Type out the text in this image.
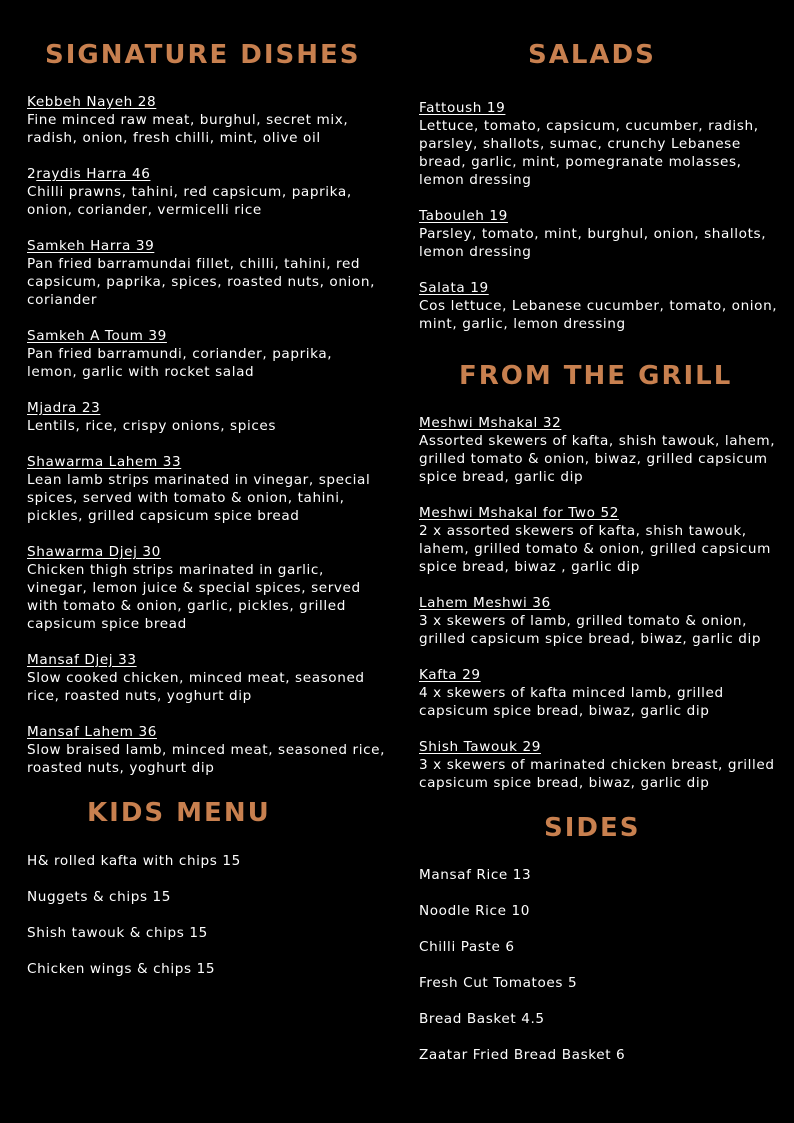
SIGNATURE DISHES
Kebbeh Nayeh 28
Fine minced raw meat, burghul, secret mix, radish, onion, fresh chilli, mint, olive oil
2raydis Harra 46
Chilli prawns, tahini, red capsicum, paprika, onion, coriander, vermicelli rice
Samkeh Harra 39
Pan fried barramundai fillet, chilli, tahini, red capsicum, paprika, spices, roasted nuts, onion, coriander
Samkeh A Toum 39
Pan fried barramundi, coriander, paprika, lemon, garlic with rocket salad
Mjadra 23
Lentils, rice, crispy onions, spices
Shawarma Lahem 33
Lean lamb strips marinated in vinegar, special spices, served with tomato & onion, tahini, pickles, grilled capsicum spice bread
Shawarma Djej 30
Chicken thigh strips marinated in garlic, vinegar, lemon juice & special spices, served with tomato & onion, garlic, pickles, grilled capsicum spice bread
Mansaf Djej 33
Slow cooked chicken, minced meat, seasoned rice, roasted nuts, yoghurt dip
Mansaf Lahem 36
Slow braised lamb, minced meat, seasoned rice, roasted nuts, yoghurt dip
KIDS MENU
H& rolled kafta with chips 15
Nuggets & chips 15
Shish tawouk & chips 15
Chicken wings & chips 15
SALADS
Fattoush 19
Lettuce, tomato, capsicum, cucumber, radish, parsley, shallots, sumac, crunchy Lebanese bread, garlic, mint, pomegranate molasses, lemon dressing
Tabouleh 19
Parsley, tomato, mint, burghul, onion, shallots, lemon dressing
Salata 19
Cos lettuce, Lebanese cucumber, tomato, onion, mint, garlic, lemon dressing
FROM THE GRILL
Meshwi Mshakal 32
Assorted skewers of kafta, shish tawouk, lahem, grilled tomato & onion, biwaz, grilled capsicum spice bread, garlic dip
Meshwi Mshakal for Two 52
2 x assorted skewers of kafta, shish tawouk, lahem, grilled tomato & onion, grilled capsicum spice bread, biwaz , garlic dip
Lahem Meshwi 36
3 x skewers of lamb, grilled tomato & onion, grilled capsicum spice bread, biwaz, garlic dip
Kafta 29
4 x skewers of kafta minced lamb, grilled capsicum spice bread, biwaz, garlic dip
Shish Tawouk 29
3 x skewers of marinated chicken breast, grilled capsicum spice bread, biwaz, garlic dip
SIDES
Mansaf Rice 13
Noodle Rice 10
Chilli Paste 6
Fresh Cut Tomatoes 5
Bread Basket 4.5
Zaatar Fried Bread Basket 6
